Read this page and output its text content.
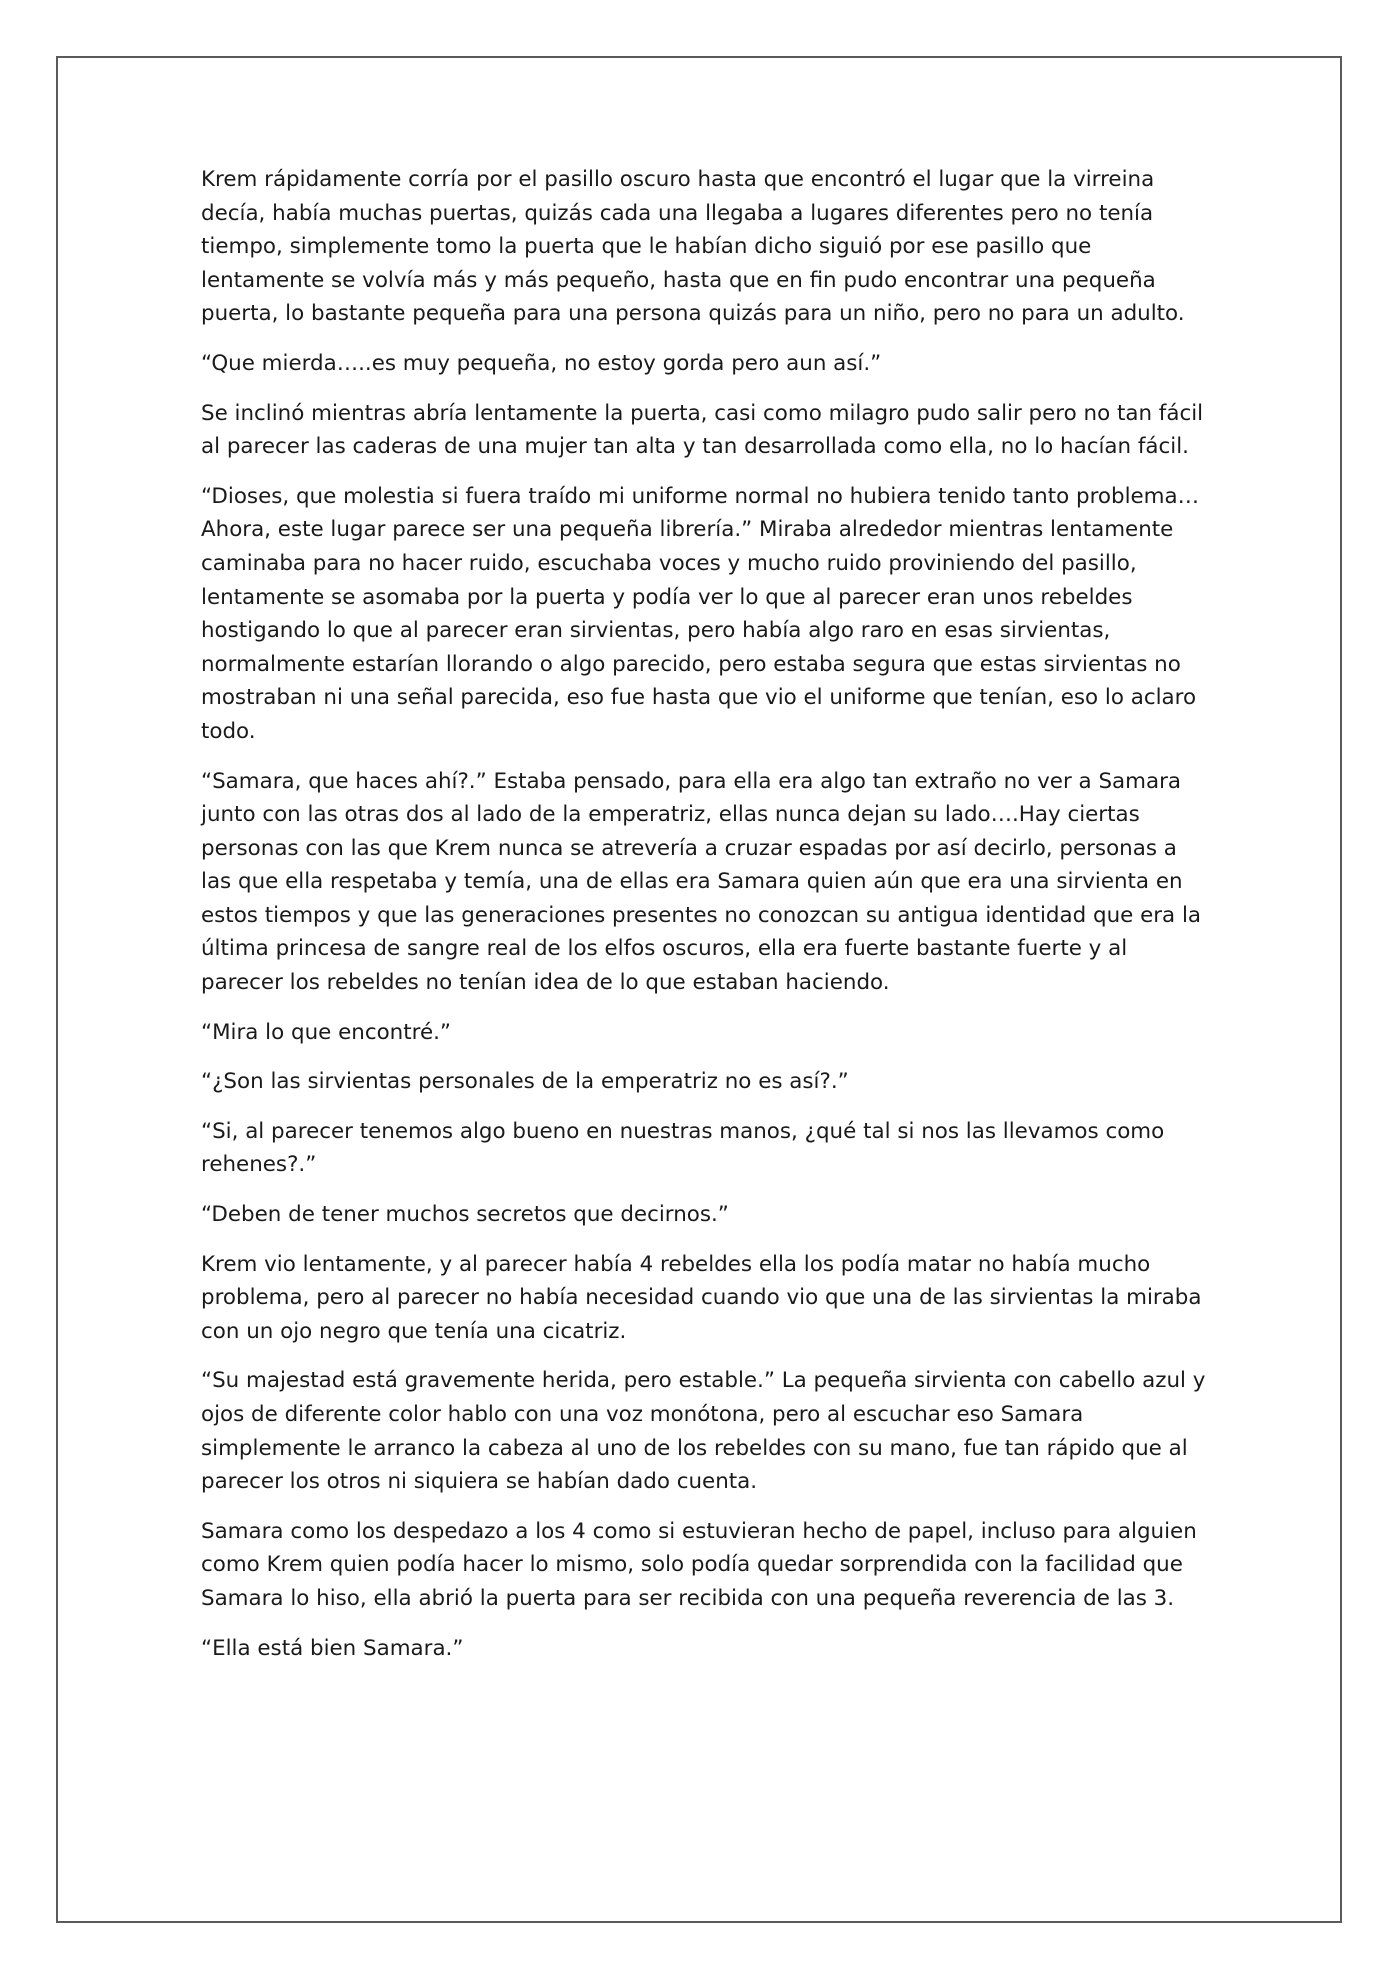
Krem rápidamente corría por el pasillo oscuro hasta que encontró el lugar que la virreina decía, había muchas puertas, quizás cada una llegaba a lugares diferentes pero no tenía tiempo, simplemente tomo la puerta que le habían dicho siguió por ese pasillo que lentamente se volvía más y más pequeño, hasta que en fin pudo encontrar una pequeña puerta, lo bastante pequeña para una persona quizás para un niño, pero no para un adulto.

“Que mierda…..es muy pequeña, no estoy gorda pero aun así.”

Se inclinó mientras abría lentamente la puerta, casi como milagro pudo salir pero no tan fácil al parecer las caderas de una mujer tan alta y tan desarrollada como ella, no lo hacían fácil.

“Dioses, que molestia si fuera traído mi uniforme normal no hubiera tenido tanto problema…Ahora, este lugar parece ser una pequeña librería.” Miraba alrededor mientras lentamente caminaba para no hacer ruido, escuchaba voces y mucho ruido proviniendo del pasillo, lentamente se asomaba por la puerta y podía ver lo que al parecer eran unos rebeldes hostigando lo que al parecer eran sirvientas, pero había algo raro en esas sirvientas, normalmente estarían llorando o algo parecido, pero estaba segura que estas sirvientas no mostraban ni una señal parecida, eso fue hasta que vio el uniforme que tenían, eso lo aclaro todo.

“Samara, que haces ahí?.” Estaba pensado, para ella era algo tan extraño no ver a Samara junto con las otras dos al lado de la emperatriz, ellas nunca dejan su lado….Hay ciertas personas con las que Krem nunca se atrevería a cruzar espadas por así decirlo, personas a las que ella respetaba y temía, una de ellas era Samara quien aún que era una sirvienta en estos tiempos y que las generaciones presentes no conozcan su antigua identidad que era la última princesa de sangre real de los elfos oscuros, ella era fuerte bastante fuerte y al parecer los rebeldes no tenían idea de lo que estaban haciendo.

“Mira lo que encontré.”

“¿Son las sirvientas personales de la emperatriz no es así?.”

“Si, al parecer tenemos algo bueno en nuestras manos, ¿qué tal si nos las llevamos como rehenes?.”

“Deben de tener muchos secretos que decirnos.”

Krem vio lentamente, y al parecer había 4 rebeldes ella los podía matar no había mucho problema, pero al parecer no había necesidad cuando vio que una de las sirvientas la miraba con un ojo negro que tenía una cicatriz.

“Su majestad está gravemente herida, pero estable.” La pequeña sirvienta con cabello azul y ojos de diferente color hablo con una voz monótona, pero al escuchar eso Samara simplemente le arranco la cabeza al uno de los rebeldes con su mano, fue tan rápido que al parecer los otros ni siquiera se habían dado cuenta.

Samara como los despedazo a los 4 como si estuvieran hecho de papel, incluso para alguien como Krem quien podía hacer lo mismo, solo podía quedar sorprendida con la facilidad que Samara lo hiso, ella abrió la puerta para ser recibida con una pequeña reverencia de las 3.

“Ella está bien Samara.”
